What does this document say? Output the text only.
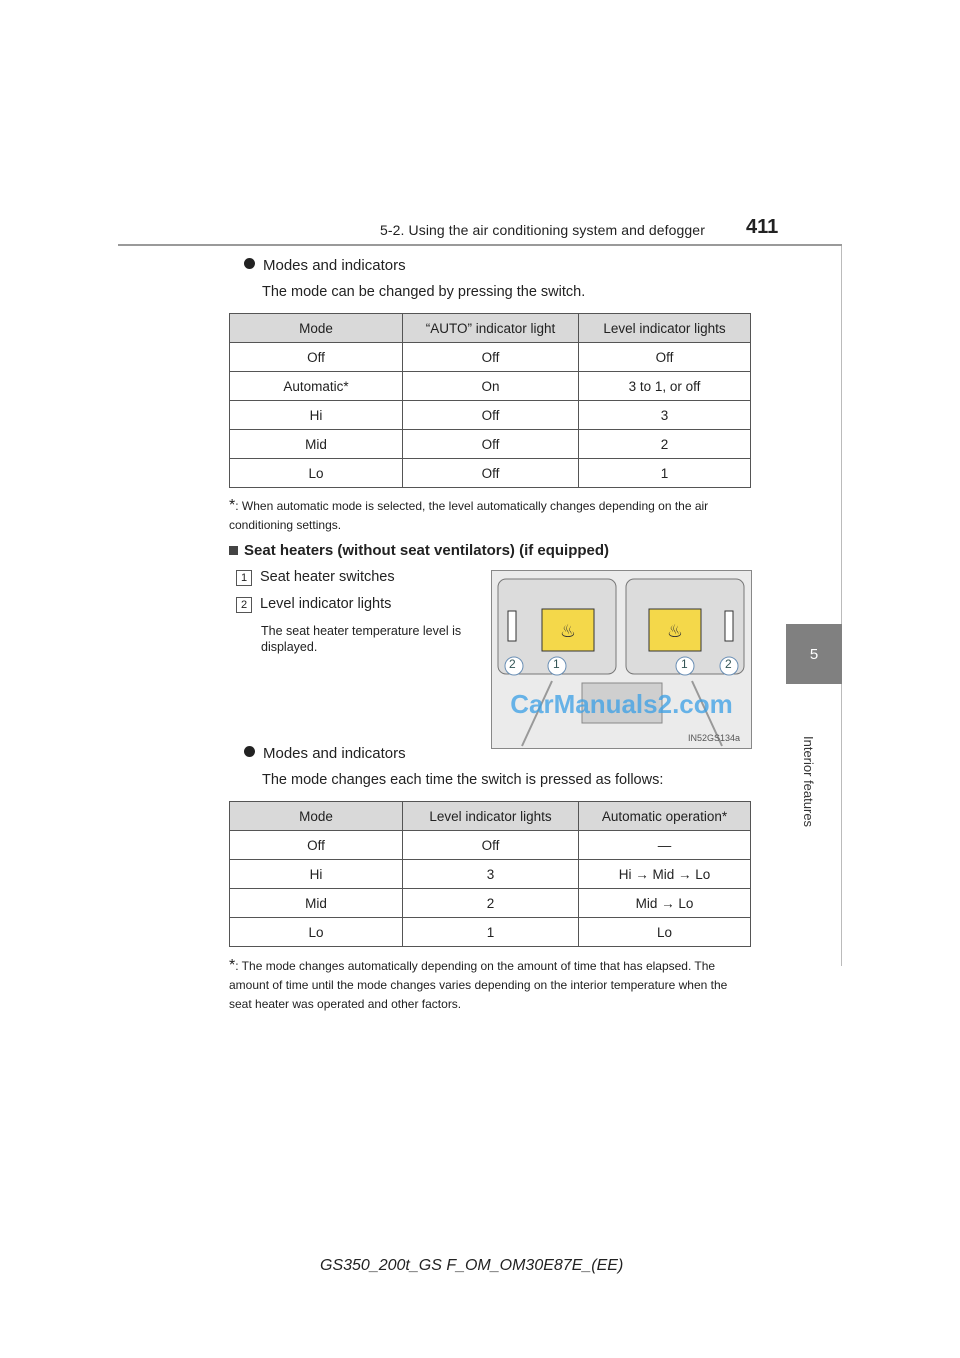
5-2. Using the air conditioning system and defogger 411
5
Interior features
Modes and indicators
The mode can be changed by pressing the switch.
Mode	“AUTO” indicator light	Level indicator lights
Off	Off	Off
Automatic*	On	3 to 1, or off
Hi	Off	3
Mid	Off	2
Lo	Off	1
*: When automatic mode is selected, the level automatically changes depending on the air conditioning settings.
Seat heaters (without seat ventilators) (if equipped)
1 Seat heater switches
2 Level indicator lights
The seat heater temperature level is displayed.
♨	♨
2	1	1	2
CarManuals2.com
IN52GS134a
Modes and indicators
The mode changes each time the switch is pressed as follows:
Mode	Level indicator lights	Automatic operation*
Off	Off	—
Hi	3	Hi → Mid → Lo
Mid	2	Mid → Lo
Lo	1	Lo
*: The mode changes automatically depending on the amount of time that has elapsed. The amount of time until the mode changes varies depending on the interior temperature when the seat heater was operated and other factors.
GS350_200t_GS F_OM_OM30E87E_(EE)
